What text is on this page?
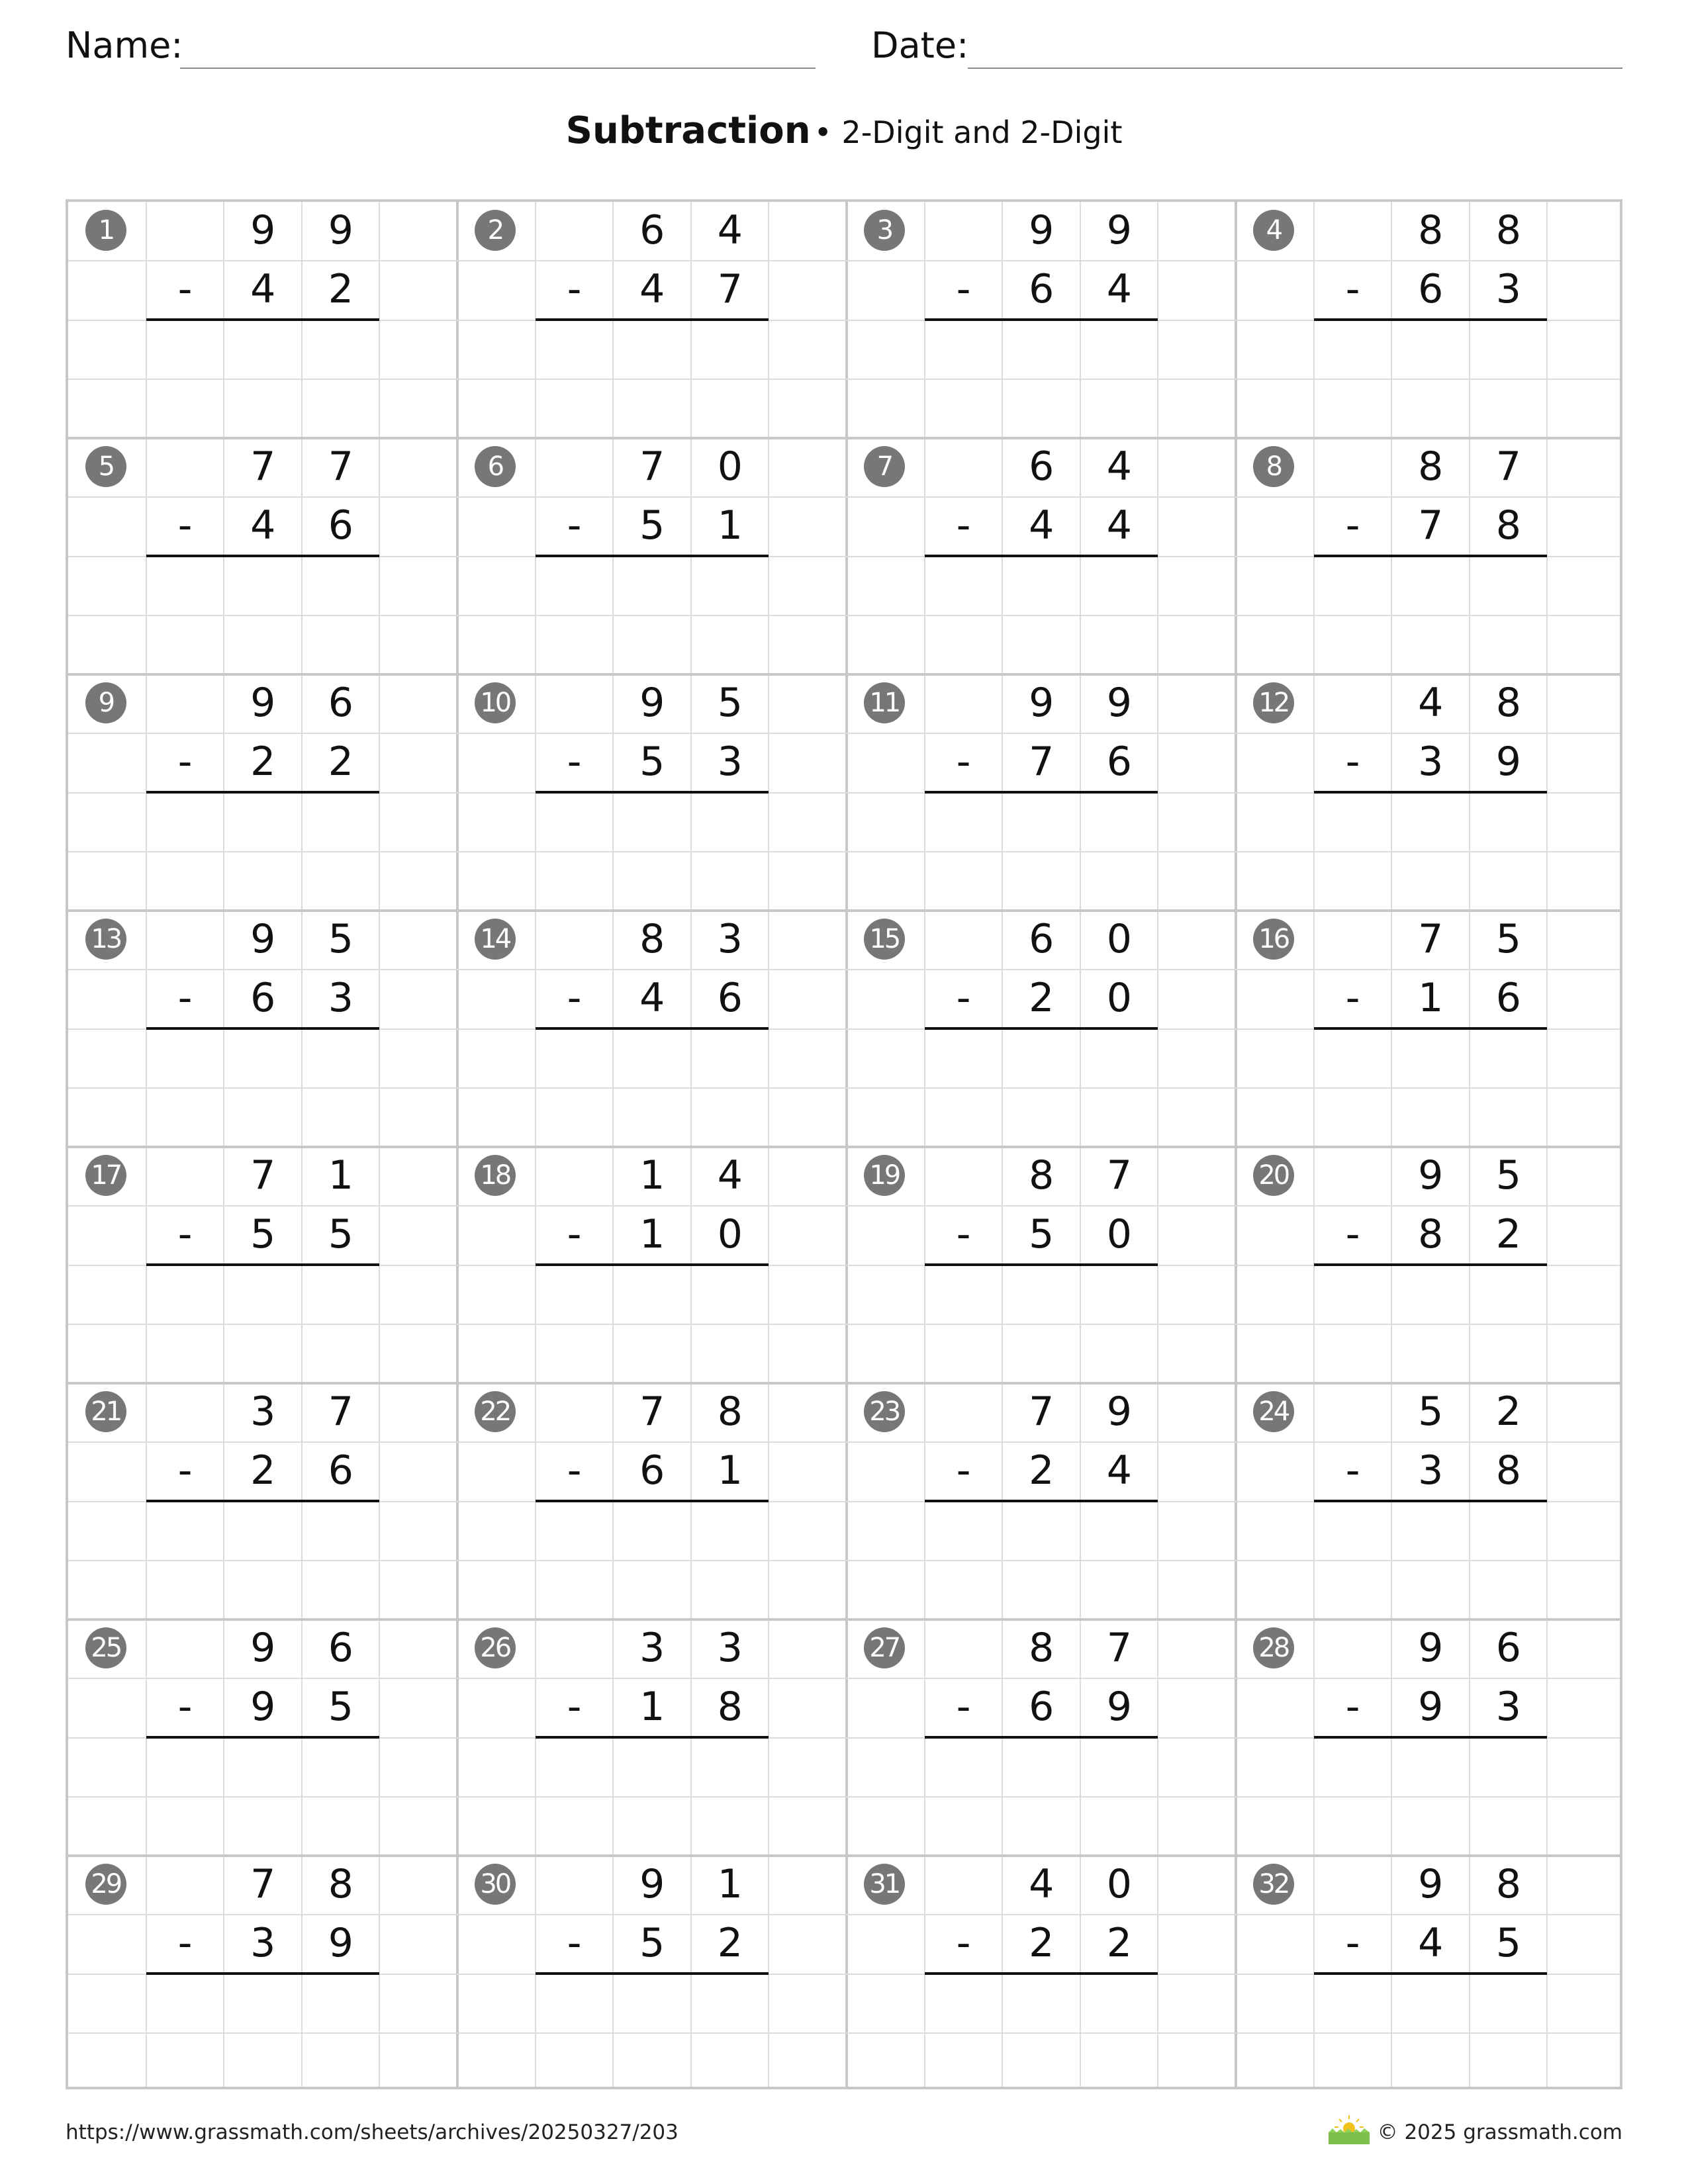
Name:	Date:
Subtraction • 2-Digit and 2-Digit
1	9	9
-	4	2
2	6	4
-	4	7
3	9	9
-	6	4
4	8	8
-	6	3
5	7	7
-	4	6
6	7	0
-	5	1
7	6	4
-	4	4
8	8	7
-	7	8
9	9	6
-	2	2
10	9	5
-	5	3
11	9	9
-	7	6
12	4	8
-	3	9
13	9	5
-	6	3
14	8	3
-	4	6
15	6	0
-	2	0
16	7	5
-	1	6
17	7	1
-	5	5
18	1	4
-	1	0
19	8	7
-	5	0
20	9	5
-	8	2
21	3	7
-	2	6
22	7	8
-	6	1
23	7	9
-	2	4
24	5	2
-	3	8
25	9	6
-	9	5
26	3	3
-	1	8
27	8	7
-	6	9
28	9	6
-	9	3
29	7	8
-	3	9
30	9	1
-	5	2
31	4	0
-	2	2
32	9	8
-	4	5
https://www.grassmath.com/sheets/archives/20250327/203	© 2025 grassmath.com
